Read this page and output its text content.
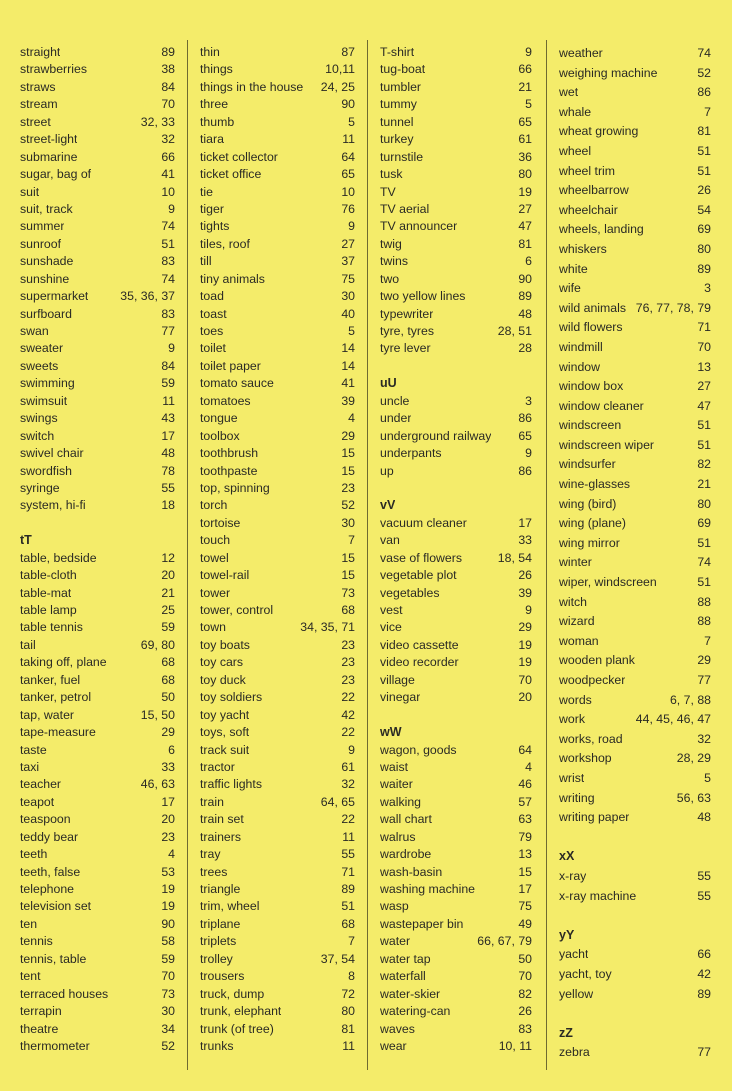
straight	89
strawberries	38
straws	84
stream	70
street	32, 33
street-light	32
submarine	66
sugar, bag of	41
suit	10
suit, track	9
summer	74
sunroof	51
sunshade	83
sunshine	74
supermarket	35, 36, 37
surfboard	83
swan	77
sweater	9
sweets	84
swimming	59
swimsuit	11
swings	43
switch	17
swivel chair	48
swordfish	78
syringe	55
system, hi-fi	18
tT
table, bedside	12
table-cloth	20
table-mat	21
table lamp	25
table tennis	59
tail	69, 80
taking off, plane	68
tanker, fuel	68
tanker, petrol	50
tap, water	15, 50
tape-measure	29
taste	6
taxi	33
teacher	46, 63
teapot	17
teaspoon	20
teddy bear	23
teeth	4
teeth, false	53
telephone	19
television set	19
ten	90
tennis	58
tennis, table	59
tent	70
terraced houses	73
terrapin	30
theatre	34
thermometer	52
thin	87
things	10,11
things in the house 24, 25
three	90
thumb	5
tiara	11
ticket collector	64
ticket office	65
tie	10
tiger	76
tights	9
tiles, roof	27
till	37
tiny animals	75
toad	30
toast	40
toes	5
toilet	14
toilet paper	14
tomato sauce	41
tomatoes	39
tongue	4
toolbox	29
toothbrush	15
toothpaste	15
top, spinning	23
torch	52
tortoise	30
touch	7
towel	15
towel-rail	15
tower	73
tower, control	68
town	34, 35, 71
toy boats	23
toy cars	23
toy duck	23
toy soldiers	22
toy yacht	42
toys, soft	22
track suit	9
tractor	61
traffic lights	32
train	64, 65
train set	22
trainers	11
tray	55
trees	71
triangle	89
trim, wheel	51
triplane	68
triplets	7
trolley	37, 54
trousers	8
truck, dump	72
trunk, elephant	80
trunk (of tree)	81
trunks	11
T-shirt	9
tug-boat	66
tumbler	21
tummy	5
tunnel	65
turkey	61
turnstile	36
tusk	80
TV	19
TV aerial	27
TV announcer	47
twig	81
twins	6
two	90
two yellow lines	89
typewriter	48
tyre, tyres	28, 51
tyre lever	28
uU
uncle	3
under	86
underground railway 65
underpants	9
up	86
vV
vacuum cleaner	17
van	33
vase of flowers	18, 54
vegetable plot	26
vegetables	39
vest	9
vice	29
video cassette	19
video recorder	19
village	70
vinegar	20
wW
wagon, goods	64
waist	4
waiter	46
walking	57
wall chart	63
walrus	79
wardrobe	13
wash-basin	15
washing machine	17
wasp	75
wastepaper bin	49
water	66, 67, 79
water tap	50
waterfall	70
water-skier	82
watering-can	26
waves	83
wear	10, 11
weather	74
weighing machine	52
wet	86
whale	7
wheat growing	81
wheel	51
wheel trim	51
wheelbarrow	26
wheelchair	54
wheels, landing	69
whiskers	80
white	89
wife	3
wild animals 76, 77, 78, 79
wild flowers	71
windmill	70
window	13
window box	27
window cleaner	47
windscreen	51
windscreen wiper	51
windsurfer	82
wine-glasses	21
wing (bird)	80
wing (plane)	69
wing mirror	51
winter	74
wiper, windscreen	51
witch	88
wizard	88
woman	7
wooden plank	29
woodpecker	77
words	6, 7, 88
work	44, 45, 46, 47
works, road	32
workshop	28, 29
wrist	5
writing	56, 63
writing paper	48
xX
x-ray	55
x-ray machine	55
yY
yacht	66
yacht, toy	42
yellow	89
zZ
zebra	77
